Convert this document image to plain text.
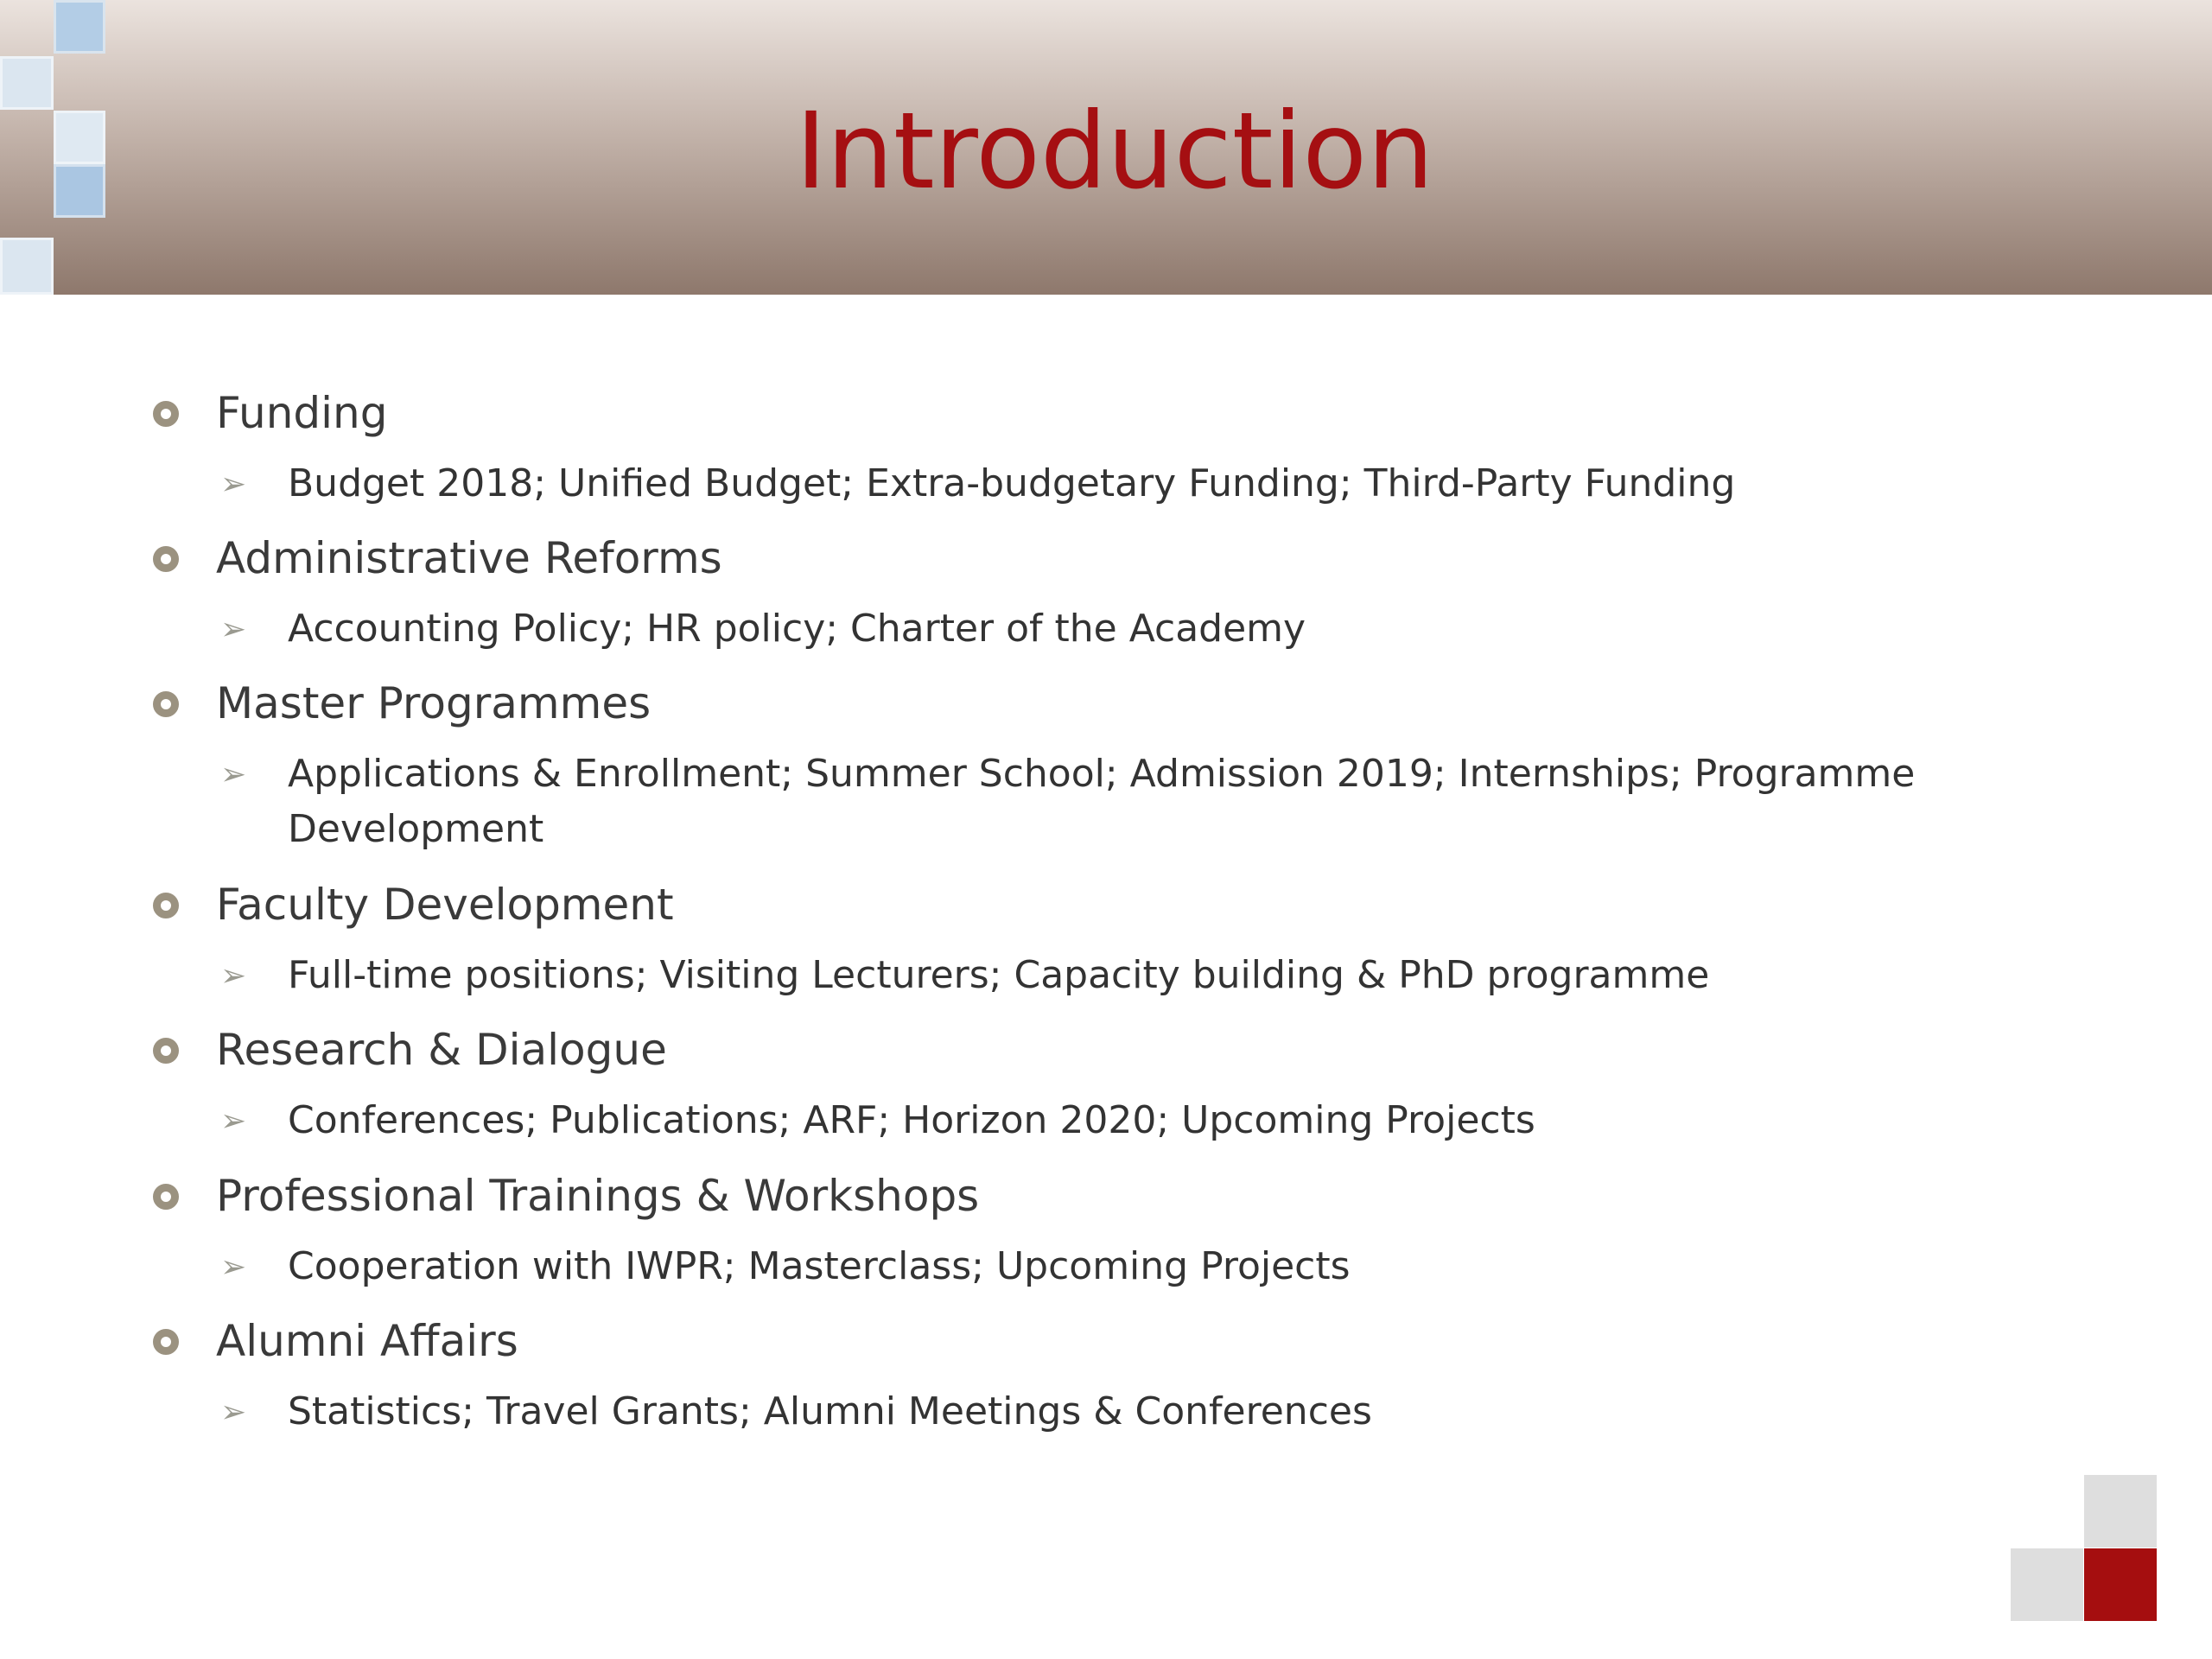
Introduction
Funding
➢ Budget 2018; Unified Budget; Extra-budgetary Funding; Third-Party Funding
Administrative Reforms
➢ Accounting Policy; HR policy; Charter of the Academy
Master Programmes
➢ Applications & Enrollment; Summer School; Admission 2019; Internships; Programme Development
Faculty Development
➢ Full-time positions; Visiting Lecturers; Capacity building & PhD programme
Research & Dialogue
➢ Conferences; Publications; ARF; Horizon 2020; Upcoming Projects
Professional Trainings & Workshops
➢ Cooperation with IWPR; Masterclass; Upcoming Projects
Alumni Affairs
➢ Statistics; Travel Grants; Alumni Meetings & Conferences
